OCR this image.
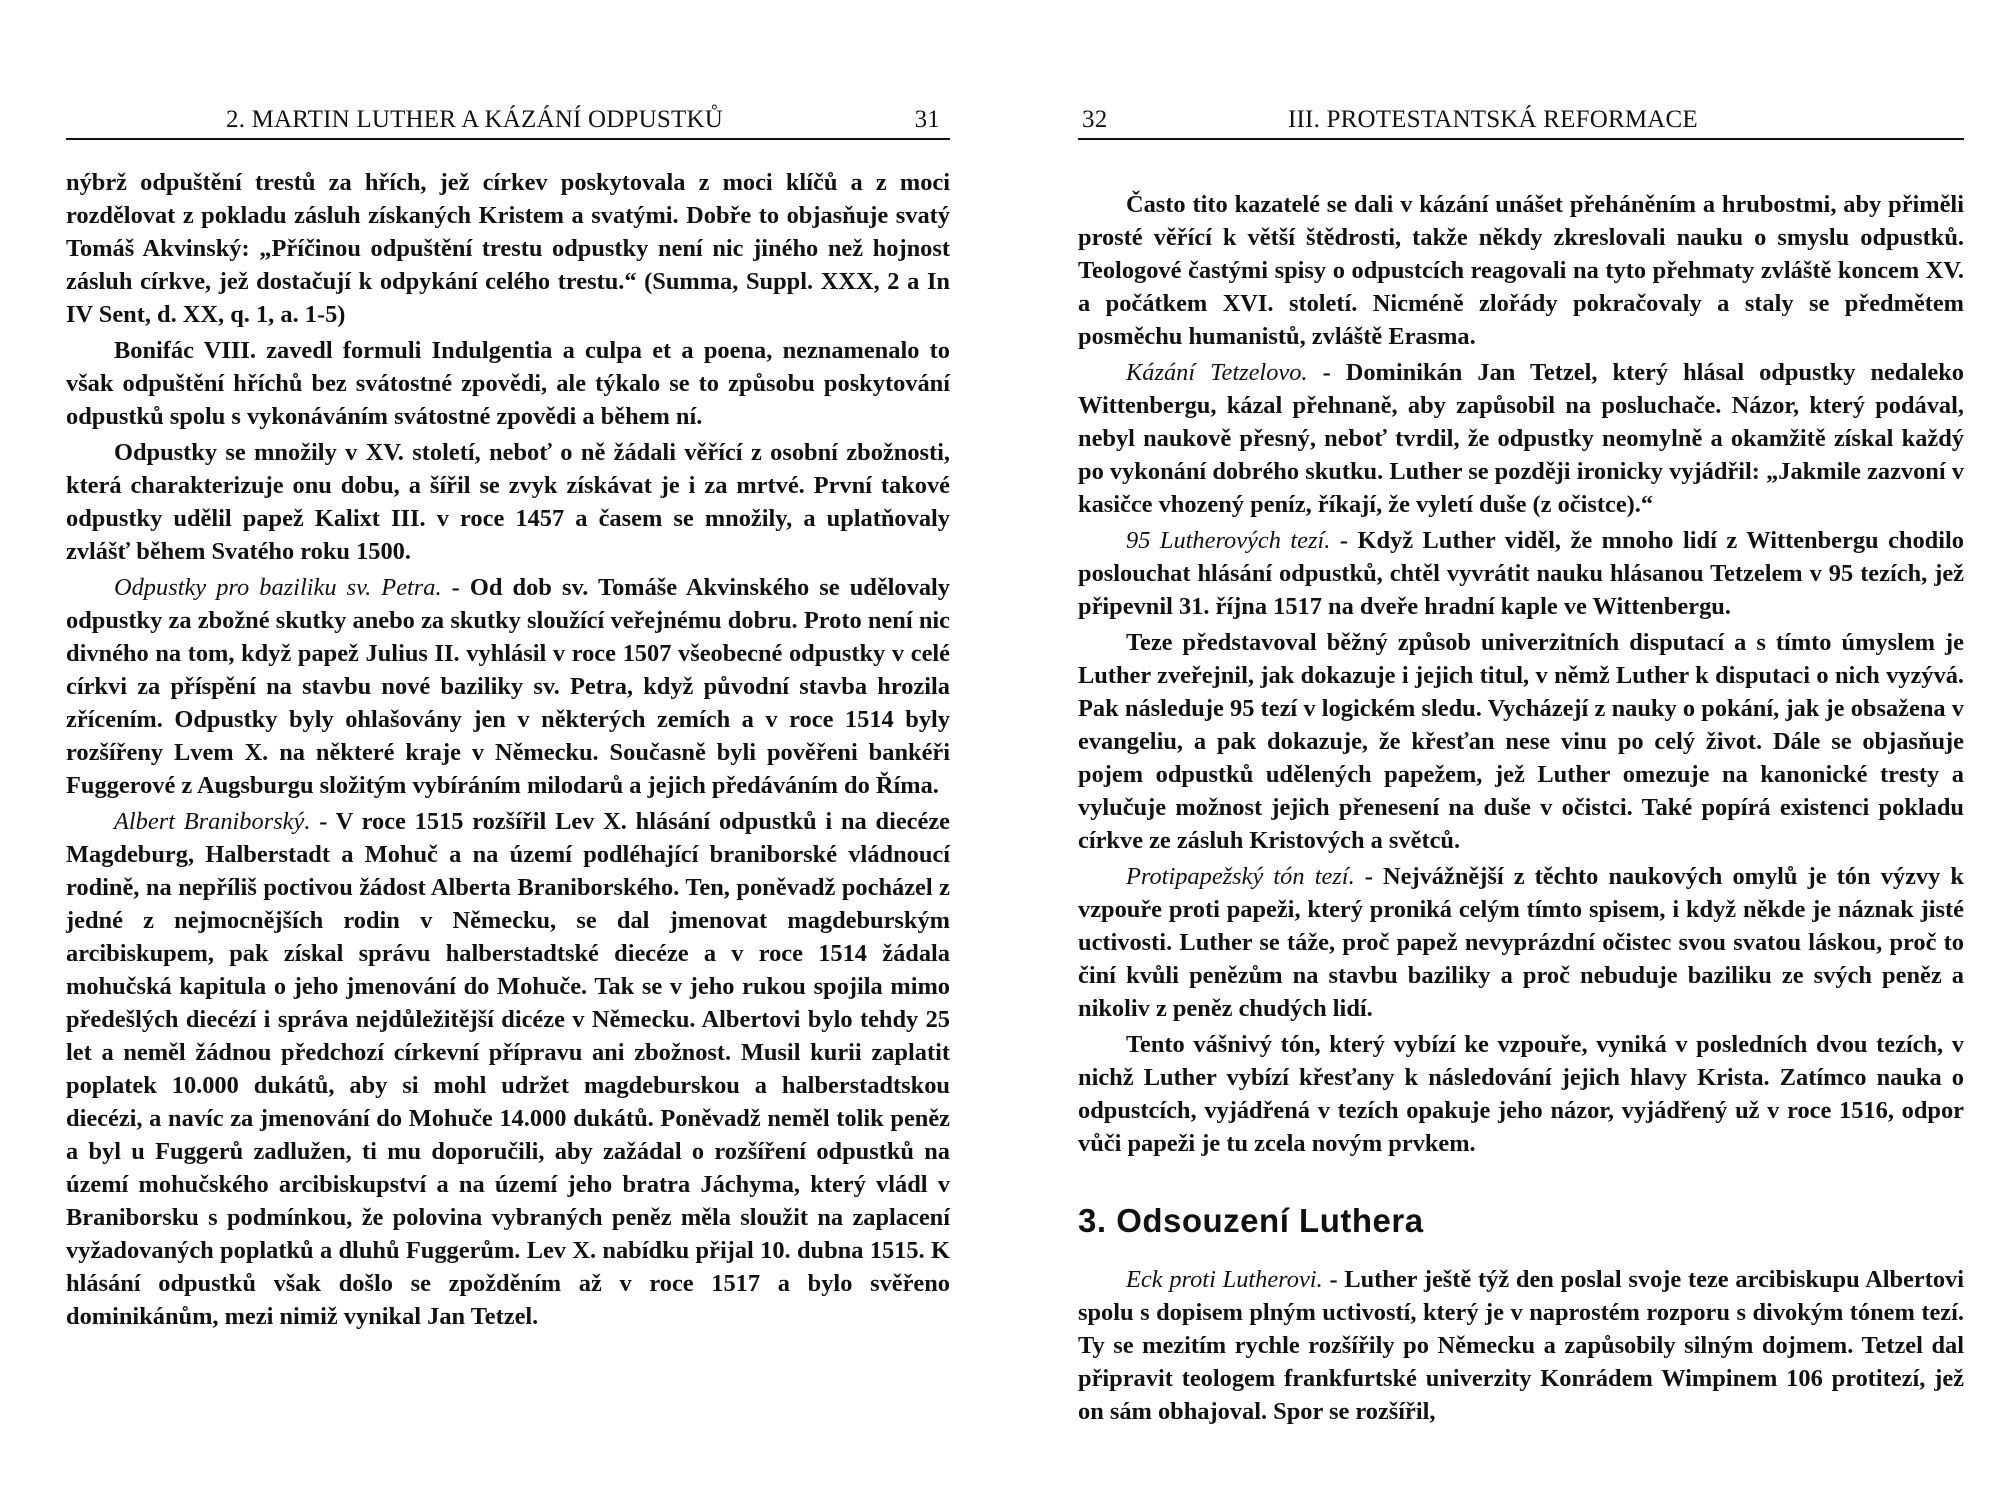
2. MARTIN LUTHER A KÁZÁNÍ ODPUSTKŮ	31

nýbrž odpuštění trestů za hřích, jež církev poskytovala z moci klíčů a z moci rozdělovat z pokladu zásluh získaných Kristem a svatými. Dobře to objasňuje svatý Tomáš Akvinský: „Příčinou odpuštění trestu odpustky není nic jiného než hojnost zásluh církve, jež dostačují k odpykání celého trestu.“ (Summa, Suppl. XXX, 2 a In IV Sent, d. XX, q. 1, a. 1-5)

Bonifác VIII. zavedl formuli Indulgentia a culpa et a poena, neznamenalo to však odpuštění hříchů bez svátostné zpovědi, ale týkalo se to způsobu poskytování odpustků spolu s vykonáváním svátostné zpovědi a během ní.

Odpustky se množily v XV. století, neboť o ně žádali věřící z osobní zbožnosti, která charakterizuje onu dobu, a šířil se zvyk získávat je i za mrtvé. První takové odpustky udělil papež Kalixt III. v roce 1457 a časem se množily, a uplatňovaly zvlášť během Svatého roku 1500.

Odpustky pro baziliku sv. Petra. - Od dob sv. Tomáše Akvinského se udělovaly odpustky za zbožné skutky anebo za skutky sloužící veřejnému dobru. Proto není nic divného na tom, když papež Julius II. vyhlásil v roce 1507 všeobecné odpustky v celé církvi za příspění na stavbu nové baziliky sv. Petra, když původní stavba hrozila zřícením. Odpustky byly ohlašovány jen v některých zemích a v roce 1514 byly rozšířeny Lvem X. na některé kraje v Německu. Současně byli pověřeni bankéři Fuggerové z Augsburgu složitým vybíráním milodarů a jejich předáváním do Říma.

Albert Braniborský. - V roce 1515 rozšířil Lev X. hlásání odpustků i na diecéze Magdeburg, Halberstadt a Mohuč a na území podléhající braniborské vládnoucí rodině, na nepříliš poctivou žádost Alberta Braniborského. Ten, poněvadž pocházel z jedné z nejmocnějších rodin v Německu, se dal jmenovat magdeburským arcibiskupem, pak získal správu halberstadtské diecéze a v roce 1514 žádala mohučská kapitula o jeho jmenování do Mohuče. Tak se v jeho rukou spojila mimo předešlých diecézí i správa nejdůležitější dicéze v Německu. Albertovi bylo tehdy 25 let a neměl žádnou předchozí církevní přípravu ani zbožnost. Musil kurii zaplatit poplatek 10.000 dukátů, aby si mohl udržet magdeburskou a halberstadtskou diecézi, a navíc za jmenování do Mohuče 14.000 dukátů. Poněvadž neměl tolik peněz a byl u Fuggerů zadlužen, ti mu doporučili, aby zažádal o rozšíření odpustků na území mohučského arcibiskupství a na území jeho bratra Jáchyma, který vládl v Braniborsku s podmínkou, že polovina vybraných peněz měla sloužit na zaplacení vyžadovaných poplatků a dluhů Fuggerům. Lev X. nabídku přijal 10. dubna 1515. K hlásání odpustků však došlo se zpožděním až v roce 1517 a bylo svěřeno dominikánům, mezi nimiž vynikal Jan Tetzel.

32	III. PROTESTANTSKÁ REFORMACE

Často tito kazatelé se dali v kázání unášet přeháněním a hrubostmi, aby přiměli prosté věřící k větší štědrosti, takže někdy zkreslovali nauku o smyslu odpustků. Teologové častými spisy o odpustcích reagovali na tyto přehmaty zvláště koncem XV. a počátkem XVI. století. Nicméně zlořády pokračovaly a staly se předmětem posměchu humanistů, zvláště Erasma.

Kázání Tetzelovo. - Dominikán Jan Tetzel, který hlásal odpustky nedaleko Wittenbergu, kázal přehnaně, aby zapůsobil na posluchače. Názor, který podával, nebyl naukově přesný, neboť tvrdil, že odpustky neomylně a okamžitě získal každý po vykonání dobrého skutku. Luther se později ironicky vyjádřil: „Jakmile zazvoní v kasičce vhozený peníz, říkají, že vyletí duše (z očistce).“

95 Lutherových tezí. - Když Luther viděl, že mnoho lidí z Wittenbergu chodilo poslouchat hlásání odpustků, chtěl vyvrátit nauku hlásanou Tetzelem v 95 tezích, jež připevnil 31. října 1517 na dveře hradní kaple ve Wittenbergu.

Teze představoval běžný způsob univerzitních disputací a s tímto úmyslem je Luther zveřejnil, jak dokazuje i jejich titul, v němž Luther k disputaci o nich vyzývá. Pak následuje 95 tezí v logickém sledu. Vycházejí z nauky o pokání, jak je obsažena v evangeliu, a pak dokazuje, že křesťan nese vinu po celý život. Dále se objasňuje pojem odpustků udělených papežem, jež Luther omezuje na kanonické tresty a vylučuje možnost jejich přenesení na duše v očistci. Také popírá existenci pokladu církve ze zásluh Kristových a světců.

Protipapežský tón tezí. - Nejvážnější z těchto naukových omylů je tón výzvy k vzpouře proti papeži, který proniká celým tímto spisem, i když někde je náznak jisté uctivosti. Luther se táže, proč papež nevyprázdní očistec svou svatou láskou, proč to činí kvůli penězům na stavbu baziliky a proč nebuduje baziliku ze svých peněz a nikoliv z peněz chudých lidí.

Tento vášnivý tón, který vybízí ke vzpouře, vyniká v posledních dvou tezích, v nichž Luther vybízí křesťany k následování jejich hlavy Krista. Zatímco nauka o odpustcích, vyjádřená v tezích opakuje jeho názor, vyjádřený už v roce 1516, odpor vůči papeži je tu zcela novým prvkem.

3. Odsouzení Luthera

Eck proti Lutherovi. - Luther ještě týž den poslal svoje teze arcibiskupu Albertovi spolu s dopisem plným uctivostí, který je v naprostém rozporu s divokým tónem tezí. Ty se mezitím rychle rozšířily po Německu a zapůsobily silným dojmem. Tetzel dal připravit teologem frankfurtské univerzity Konrádem Wimpinem 106 protitezí, jež on sám obhajoval. Spor se rozšířil,
